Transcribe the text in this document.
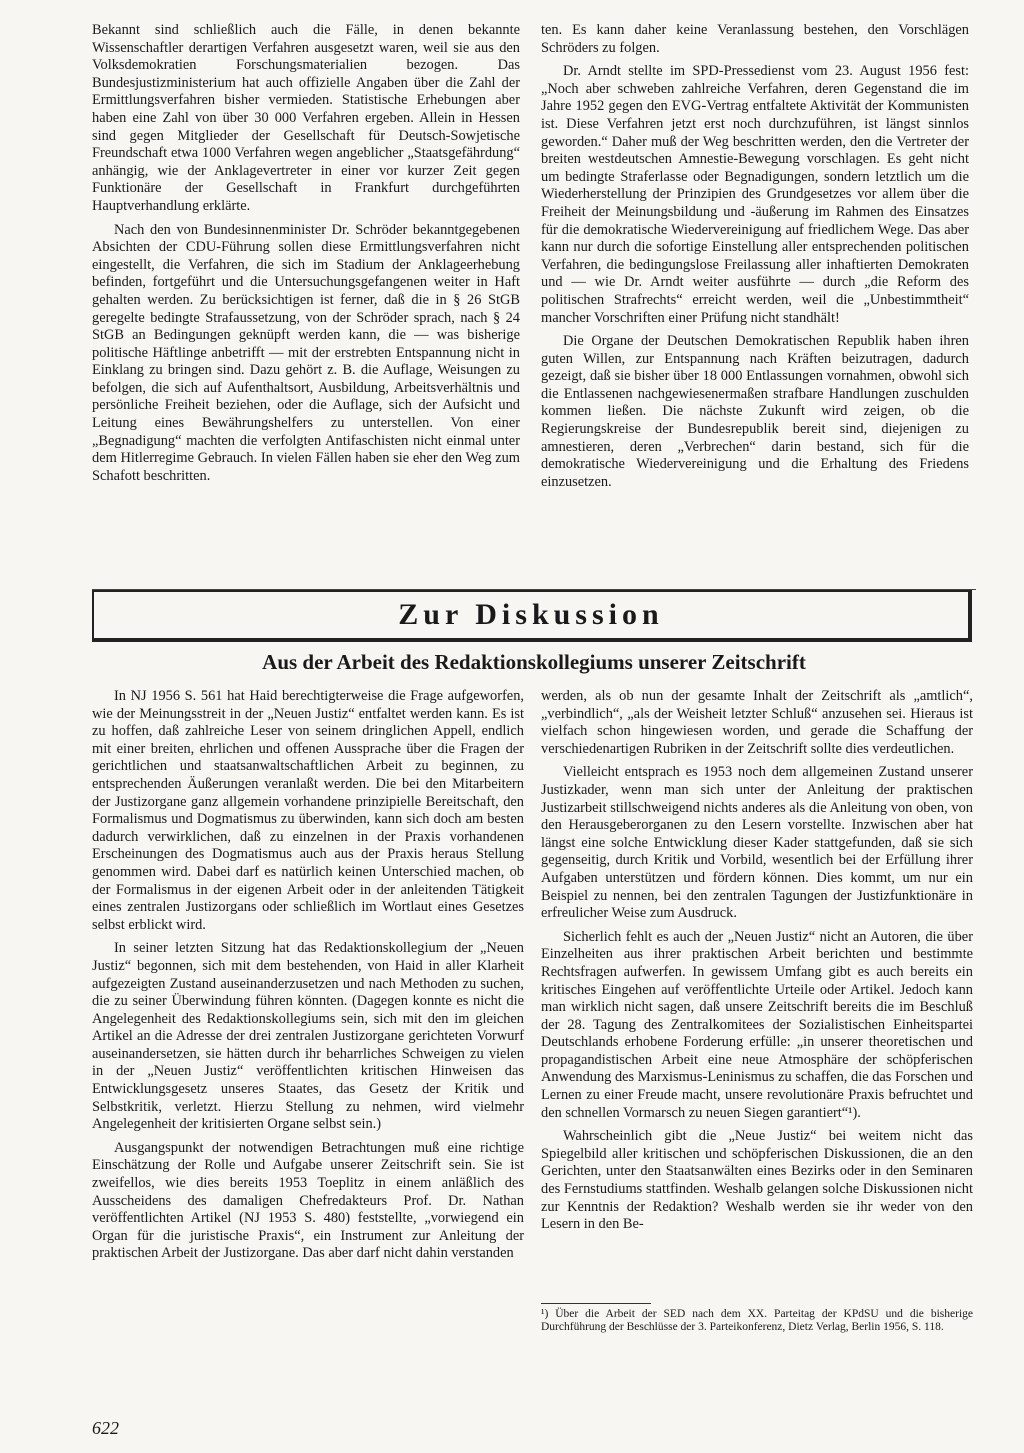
Bekannt sind schließlich auch die Fälle, in denen bekannte Wissenschaftler derartigen Verfahren ausgesetzt waren, weil sie aus den Volksdemokratien Forschungsmaterialien bezogen. Das Bundesjustizministerium hat auch offizielle Angaben über die Zahl der Ermittlungsverfahren bisher vermieden. Statistische Erhebungen aber haben eine Zahl von über 30 000 Verfahren ergeben. Allein in Hessen sind gegen Mitglieder der Gesellschaft für Deutsch-Sowjetische Freundschaft etwa 1000 Verfahren wegen angeblicher „Staatsgefährdung“ anhängig, wie der Anklagevertreter in einer vor kurzer Zeit gegen Funktionäre der Gesellschaft in Frankfurt durchgeführten Hauptverhandlung erklärte.

Nach den von Bundesinnenminister Dr. Schröder bekanntgegebenen Absichten der CDU-Führung sollen diese Ermittlungsverfahren nicht eingestellt, die Verfahren, die sich im Stadium der Anklageerhebung befinden, fortgeführt und die Untersuchungsgefangenen weiter in Haft gehalten werden. Zu berücksichtigen ist ferner, daß die in § 26 StGB geregelte bedingte Strafaussetzung, von der Schröder sprach, nach § 24 StGB an Bedingungen geknüpft werden kann, die — was bisherige politische Häftlinge anbetrifft — mit der erstrebten Entspannung nicht in Einklang zu bringen sind. Dazu gehört z. B. die Auflage, Weisungen zu befolgen, die sich auf Aufenthaltsort, Ausbildung, Arbeitsverhältnis und persönliche Freiheit beziehen, oder die Auflage, sich der Aufsicht und Leitung eines Bewährungshelfers zu unterstellen. Von einer „Begnadigung“ machten die verfolgten Antifaschisten nicht einmal unter dem Hitlerregime Gebrauch. In vielen Fällen haben sie eher den Weg zum Schafott beschritten.

ten. Es kann daher keine Veranlassung bestehen, den Vorschlägen Schröders zu folgen.

Dr. Arndt stellte im SPD-Pressedienst vom 23. August 1956 fest: „Noch aber schweben zahlreiche Verfahren, deren Gegenstand die im Jahre 1952 gegen den EVG-Vertrag entfaltete Aktivität der Kommunisten ist. Diese Verfahren jetzt erst noch durchzuführen, ist längst sinnlos geworden.“ Daher muß der Weg beschritten werden, den die Vertreter der breiten westdeutschen Amnestie-Bewegung vorschlagen. Es geht nicht um bedingte Straferlasse oder Begnadigungen, sondern letztlich um die Wiederherstellung der Prinzipien des Grundgesetzes vor allem über die Freiheit der Meinungsbildung und -äußerung im Rahmen des Einsatzes für die demokratische Wiedervereinigung auf friedlichem Wege. Das aber kann nur durch die sofortige Einstellung aller entsprechenden politischen Verfahren, die bedingungslose Freilassung aller inhaftierten Demokraten und — wie Dr. Arndt weiter ausführte — durch „die Reform des politischen Strafrechts“ erreicht werden, weil die „Unbestimmtheit“ mancher Vorschriften einer Prüfung nicht standhält!

Die Organe der Deutschen Demokratischen Republik haben ihren guten Willen, zur Entspannung nach Kräften beizutragen, dadurch gezeigt, daß sie bisher über 18 000 Entlassungen vornahmen, obwohl sich die Entlassenen nachgewiesenermaßen strafbare Handlungen zuschulden kommen ließen. Die nächste Zukunft wird zeigen, ob die Regierungskreise der Bundesrepublik bereit sind, diejenigen zu amnestieren, deren „Verbrechen“ darin bestand, sich für die demokratische Wiedervereinigung und die Erhaltung des Friedens einzusetzen.

Zur Diskussion
Aus der Arbeit des Redaktionskollegiums unserer Zeitschrift

In NJ 1956 S. 561 hat Haid berechtigterweise die Frage aufgeworfen, wie der Meinungsstreit in der „Neuen Justiz“ entfaltet werden kann. Es ist zu hoffen, daß zahlreiche Leser von seinem dringlichen Appell, endlich mit einer breiten, ehrlichen und offenen Aussprache über die Fragen der gerichtlichen und staatsanwaltschaftlichen Arbeit zu beginnen, zu entsprechenden Äußerungen veranlaßt werden. Die bei den Mitarbeitern der Justizorgane ganz allgemein vorhandene prinzipielle Bereitschaft, den Formalismus und Dogmatismus zu überwinden, kann sich doch am besten dadurch verwirklichen, daß zu einzelnen in der Praxis vorhandenen Erscheinungen des Dogmatismus auch aus der Praxis heraus Stellung genommen wird. Dabei darf es natürlich keinen Unterschied machen, ob der Formalismus in der eigenen Arbeit oder in der anleitenden Tätigkeit eines zentralen Justizorgans oder schließlich im Wortlaut eines Gesetzes selbst erblickt wird.

In seiner letzten Sitzung hat das Redaktionskollegium der „Neuen Justiz“ begonnen, sich mit dem bestehenden, von Haid in aller Klarheit aufgezeigten Zustand auseinanderzusetzen und nach Methoden zu suchen, die zu seiner Überwindung führen könnten. (Dagegen konnte es nicht die Angelegenheit des Redaktionskollegiums sein, sich mit den im gleichen Artikel an die Adresse der drei zentralen Justizorgane gerichteten Vorwurf auseinandersetzen, sie hätten durch ihr beharrliches Schweigen zu vielen in der „Neuen Justiz“ veröffentlichten kritischen Hinweisen das Entwicklungsgesetz unseres Staates, das Gesetz der Kritik und Selbstkritik, verletzt. Hierzu Stellung zu nehmen, wird vielmehr Angelegenheit der kritisierten Organe selbst sein.)

Ausgangspunkt der notwendigen Betrachtungen muß eine richtige Einschätzung der Rolle und Aufgabe unserer Zeitschrift sein. Sie ist zweifellos, wie dies bereits 1953 Toeplitz in einem anläßlich des Ausscheidens des damaligen Chefredakteurs Prof. Dr. Nathan veröffentlichten Artikel (NJ 1953 S. 480) feststellte, „vorwiegend ein Organ für die juristische Praxis“, ein Instrument zur Anleitung der praktischen Arbeit der Justizorgane. Das aber darf nicht dahin verstanden

werden, als ob nun der gesamte Inhalt der Zeitschrift als „amtlich“, „verbindlich“, „als der Weisheit letzter Schluß“ anzusehen sei. Hieraus ist vielfach schon hingewiesen worden, und gerade die Schaffung der verschiedenartigen Rubriken in der Zeitschrift sollte dies verdeutlichen.

Vielleicht entsprach es 1953 noch dem allgemeinen Zustand unserer Justizkader, wenn man sich unter der Anleitung der praktischen Justizarbeit stillschweigend nichts anderes als die Anleitung von oben, von den Herausgeberorganen zu den Lesern vorstellte. Inzwischen aber hat längst eine solche Entwicklung dieser Kader stattgefunden, daß sie sich gegenseitig, durch Kritik und Vorbild, wesentlich bei der Erfüllung ihrer Aufgaben unterstützen und fördern können. Dies kommt, um nur ein Beispiel zu nennen, bei den zentralen Tagungen der Justizfunktionäre in erfreulicher Weise zum Ausdruck.

Sicherlich fehlt es auch der „Neuen Justiz“ nicht an Autoren, die über Einzelheiten aus ihrer praktischen Arbeit berichten und bestimmte Rechtsfragen aufwerfen. In gewissem Umfang gibt es auch bereits ein kritisches Eingehen auf veröffentlichte Urteile oder Artikel. Jedoch kann man wirklich nicht sagen, daß unsere Zeitschrift bereits die im Beschluß der 28. Tagung des Zentralkomitees der Sozialistischen Einheitspartei Deutschlands erhobene Forderung erfülle: „in unserer theoretischen und propagandistischen Arbeit eine neue Atmosphäre der schöpferischen Anwendung des Marxismus-Leninismus zu schaffen, die das Forschen und Lernen zu einer Freude macht, unsere revolutionäre Praxis befruchtet und den schnellen Vormarsch zu neuen Siegen garantiert“¹).

Wahrscheinlich gibt die „Neue Justiz“ bei weitem nicht das Spiegelbild aller kritischen und schöpferischen Diskussionen, die an den Gerichten, unter den Staatsanwälten eines Bezirks oder in den Seminaren des Fernstudiums stattfinden. Weshalb gelangen solche Diskussionen nicht zur Kenntnis der Redaktion? Weshalb werden sie ihr weder von den Lesern in den Be-

¹) Über die Arbeit der SED nach dem XX. Parteitag der KPdSU und die bisherige Durchführung der Beschlüsse der 3. Parteikonferenz, Dietz Verlag, Berlin 1956, S. 118.
622
